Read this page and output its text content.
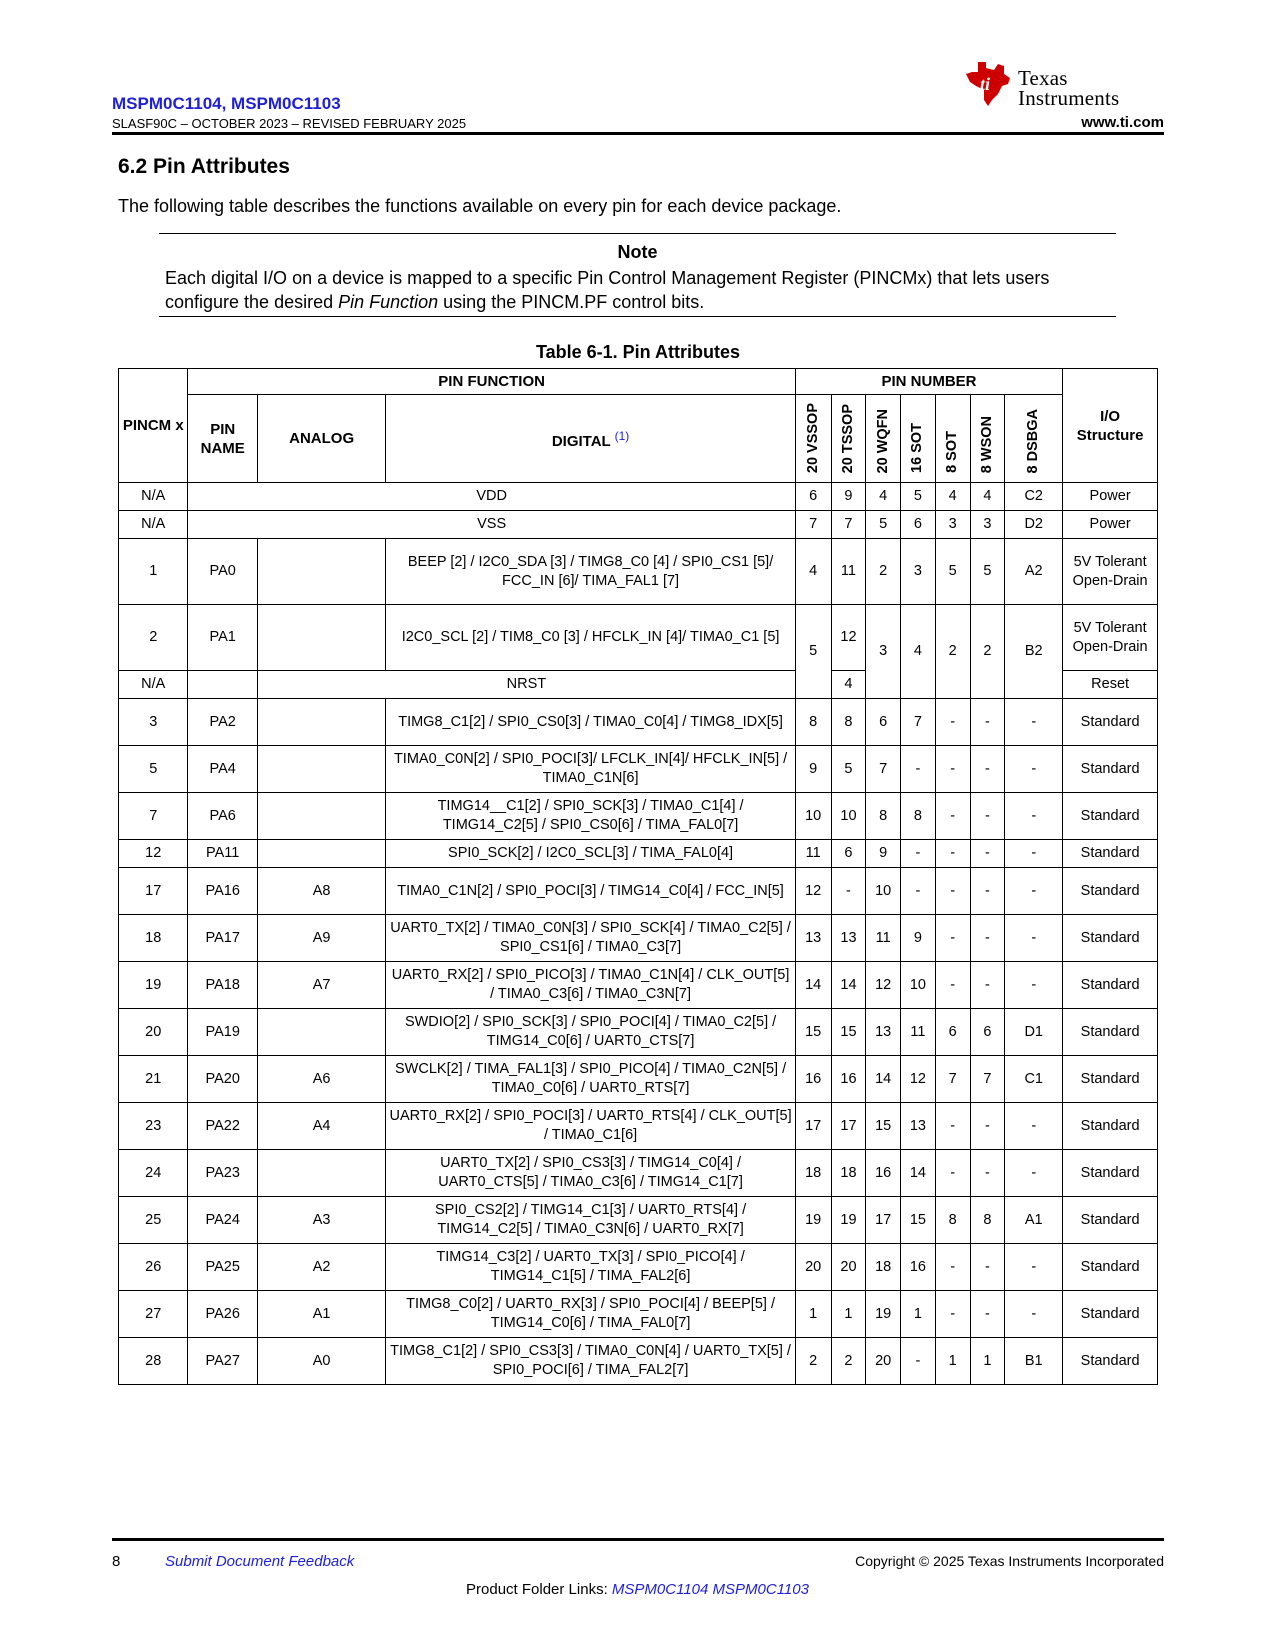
MSPM0C1104, MSPM0C1103
SLASF90C – OCTOBER 2023 – REVISED FEBRUARY 2025
ti Texas
Instruments
www.ti.com
6.2 Pin Attributes
The following table describes the functions available on every pin for each device package.
Note
Each digital I/O on a device is mapped to a specific Pin Control Management Register (PINCMx) that lets users configure the desired Pin Function using the PINCM.PF control bits.
Table 6-1. Pin Attributes
PINCM x	PIN FUNCTION			PIN NUMBER							I/O Structure
	PIN NAME	ANALOG	DIGITAL $^{(1)}$	20 VSSOP	20 TSSOP	20 WQFN	16 SOT	8 SOT	8 WSON	8 DSBGA	
N/A	VDD			6	9	4	5	4	4	C2	Power
N/A	VSS			7	7	5	6	3	3	D2	Power
1	PA0		BEEP [2] / I2C0_SDA [3] / TIMG8_C0 [4] / SPI0_CS1 [5]/ FCC_IN [6]/ TIMA_FAL1 [7]	4	11	2	3	5	5	A2	5V Tolerant Open-Drain
2	PA1		I2C0_SCL [2] / TIM8_C0 [3] / HFCLK_IN [4]/ TIMA0_C1 [5]	5	12	3	4	2	2	B2	5V Tolerant Open-Drain
N/A		NRST			4						Reset
3	PA2		TIMG8_C1[2] / SPI0_CS0[3] / TIMA0_C0[4] / TIMG8_IDX[5]	8	8	6	7	-	-	-	Standard
5	PA4		TIMA0_C0N[2] / SPI0_POCI[3]/ LFCLK_IN[4]/ HFCLK_IN[5] / TIMA0_C1N[6]	9	5	7	-	-	-	-	Standard
7	PA6		TIMG14__C1[2] / SPI0_SCK[3] / TIMA0_C1[4] / TIMG14_C2[5] / SPI0_CS0[6] / TIMA_FAL0[7]	10	10	8	8	-	-	-	Standard
12	PA11		SPI0_SCK[2] / I2C0_SCL[3] / TIMA_FAL0[4]	11	6	9	-	-	-	-	Standard
17	PA16	A8	TIMA0_C1N[2] / SPI0_POCI[3] / TIMG14_C0[4] / FCC_IN[5]	12	-	10	-	-	-	-	Standard
18	PA17	A9	UART0_TX[2] / TIMA0_C0N[3] / SPI0_SCK[4] / TIMA0_C2[5] / SPI0_CS1[6] / TIMA0_C3[7]	13	13	11	9	-	-	-	Standard
19	PA18	A7	UART0_RX[2] / SPI0_PICO[3] / TIMA0_C1N[4] / CLK_OUT[5] / TIMA0_C3[6] / TIMA0_C3N[7]	14	14	12	10	-	-	-	Standard
20	PA19		SWDIO[2] / SPI0_SCK[3] / SPI0_POCI[4] / TIMA0_C2[5] / TIMG14_C0[6] / UART0_CTS[7]	15	15	13	11	6	6	D1	Standard
21	PA20	A6	SWCLK[2] / TIMA_FAL1[3] / SPI0_PICO[4] / TIMA0_C2N[5] / TIMA0_C0[6] / UART0_RTS[7]	16	16	14	12	7	7	C1	Standard
23	PA22	A4	UART0_RX[2] / SPI0_POCI[3] / UART0_RTS[4] / CLK_OUT[5] / TIMA0_C1[6]	17	17	15	13	-	-	-	Standard
24	PA23		UART0_TX[2] / SPI0_CS3[3] / TIMG14_C0[4] / UART0_CTS[5] / TIMA0_C3[6] / TIMG14_C1[7]	18	18	16	14	-	-	-	Standard
25	PA24	A3	SPI0_CS2[2] / TIMG14_C1[3] / UART0_RTS[4] / TIMG14_C2[5] / TIMA0_C3N[6] / UART0_RX[7]	19	19	17	15	8	8	A1	Standard
26	PA25	A2	TIMG14_C3[2] / UART0_TX[3] / SPI0_PICO[4] / TIMG14_C1[5] / TIMA_FAL2[6]	20	20	18	16	-	-	-	Standard
27	PA26	A1	TIMG8_C0[2] / UART0_RX[3] / SPI0_POCI[4] / BEEP[5] / TIMG14_C0[6] / TIMA_FAL0[7]	1	1	19	1	-	-	-	Standard
28	PA27	A0	TIMG8_C1[2] / SPI0_CS3[3] / TIMA0_C0N[4] / UART0_TX[5] / SPI0_POCI[6] / TIMA_FAL2[7]	2	2	20	-	1	1	B1	Standard
8	Submit Document Feedback	Copyright © 2025 Texas Instruments Incorporated
Product Folder Links: MSPM0C1104 MSPM0C1103
